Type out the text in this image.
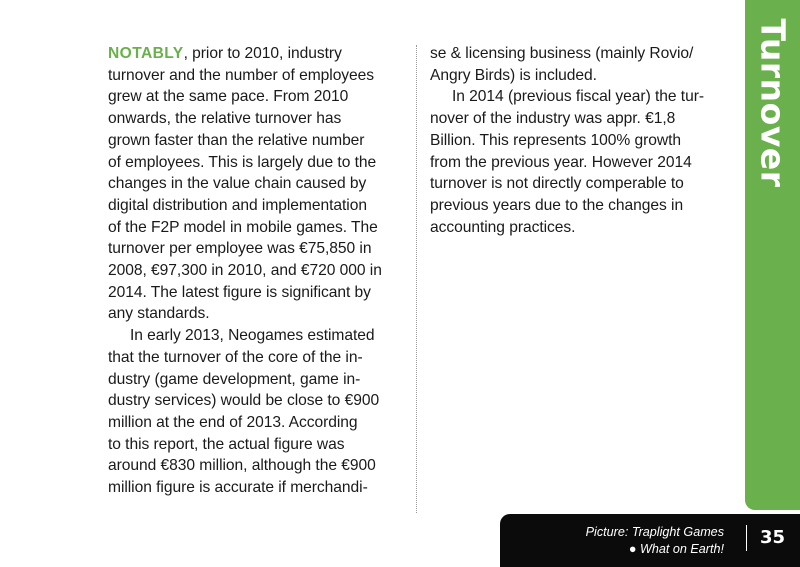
NOTABLY, prior to 2010, industry
turnover and the number of employees
grew at the same pace. From 2010
onwards, the relative turnover has
grown faster than the relative number
of employees. This is largely due to the
changes in the value chain caused by
digital distribution and implementation
of the F2P model in mobile games. The
turnover per employee was €75,850 in
2008, €97,300 in 2010, and €720 000 in
2014. The latest figure is significant by
any standards.
In early 2013, Neogames estimated
that the turnover of the core of the in-
dustry (game development, game in-
dustry services) would be close to €900
million at the end of 2013. According
to this report, the actual figure was
around €830 million, although the €900
million figure is accurate if merchandi-
se & licensing business (mainly Rovio/
Angry Birds) is included.
In 2014 (previous fiscal year) the tur-
nover of the industry was appr. €1,8
Billion. This represents 100% growth
from the previous year. However 2014
turnover is not directly comperable to
previous years due to the changes in
accounting practices.
Turnover
Picture: Traplight Games
● What on Earth!
35
